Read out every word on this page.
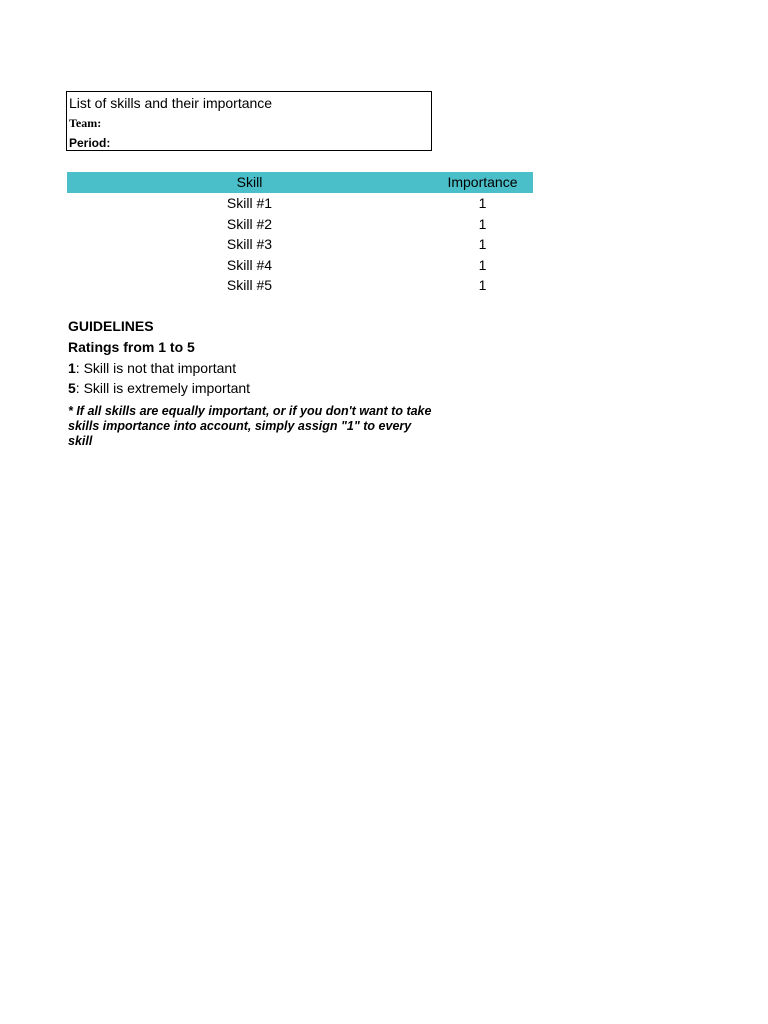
List of skills and their importance
Team:
Period:
Skill	Importance
Skill #1	1
Skill #2	1
Skill #3	1
Skill #4	1
Skill #5	1
GUIDELINES
Ratings from 1 to 5
1: Skill is not that important
5: Skill is extremely important
* If all skills are equally important, or if you don't want to take skills importance into account, simply assign "1" to every skill
